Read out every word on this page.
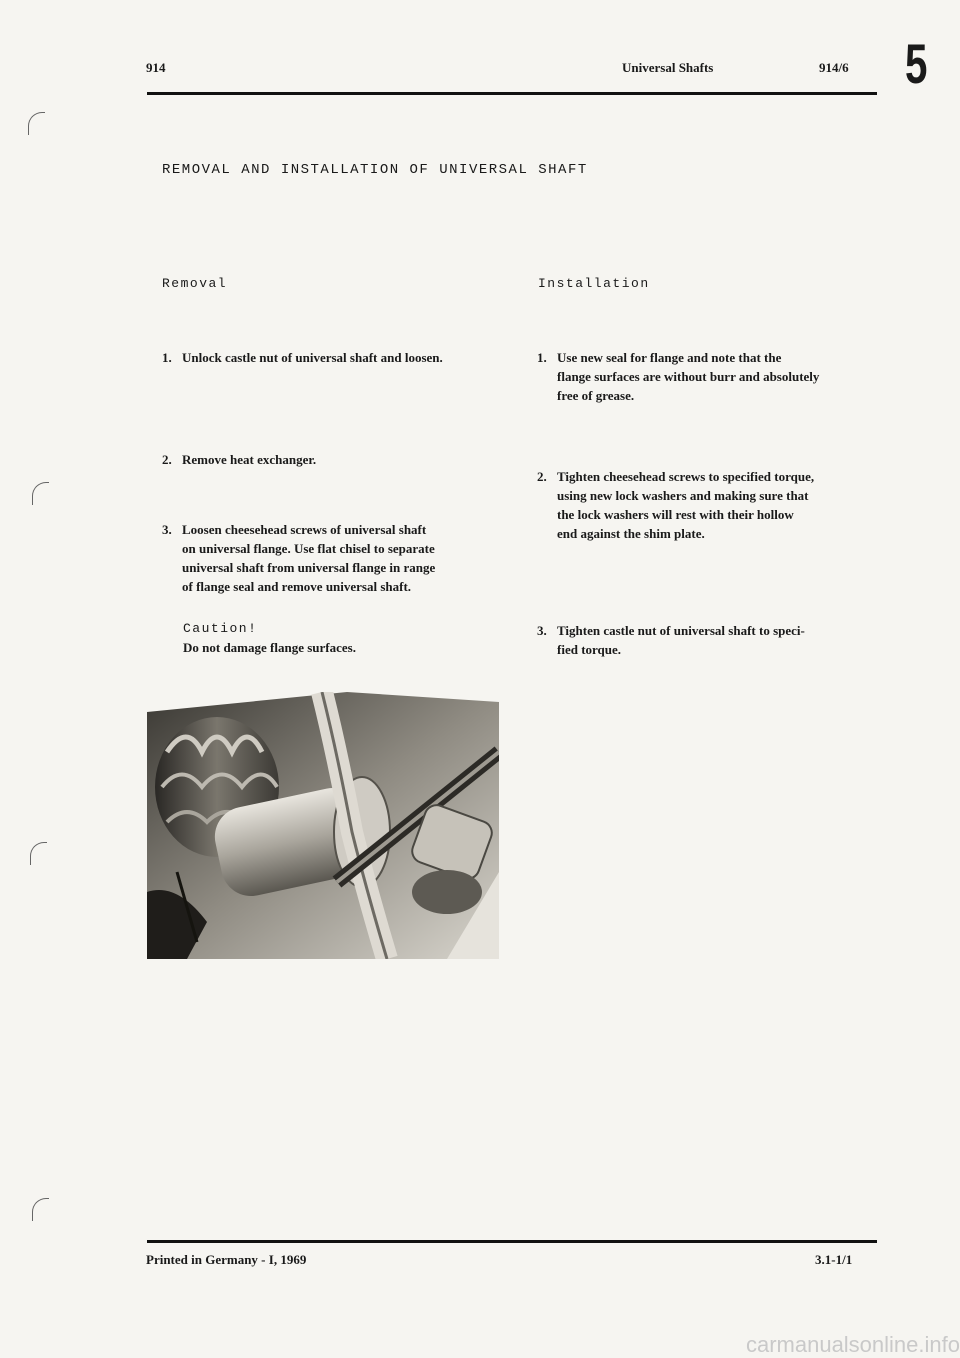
914	Universal Shafts	914/6 5
REMOVAL AND INSTALLATION OF UNIVERSAL SHAFT
Removal	Installation
1. Unlock castle nut of universal shaft and loosen.
2. Remove heat exchanger.
3. Loosen cheesehead screws of universal shaft
on universal flange. Use flat chisel to separate
universal shaft from universal flange in range
of flange seal and remove universal shaft.
Caution!
Do not damage flange surfaces.
1. Use new seal for flange and note that the
flange surfaces are without burr and absolutely
free of grease.
2. Tighten cheesehead screws to specified torque,
using new lock washers and making sure that
the lock washers will rest with their hollow
end against the shim plate.
3. Tighten castle nut of universal shaft to speci-
fied torque.
Printed in Germany - I, 1969	3.1-1/1
carmanualsonline.info
